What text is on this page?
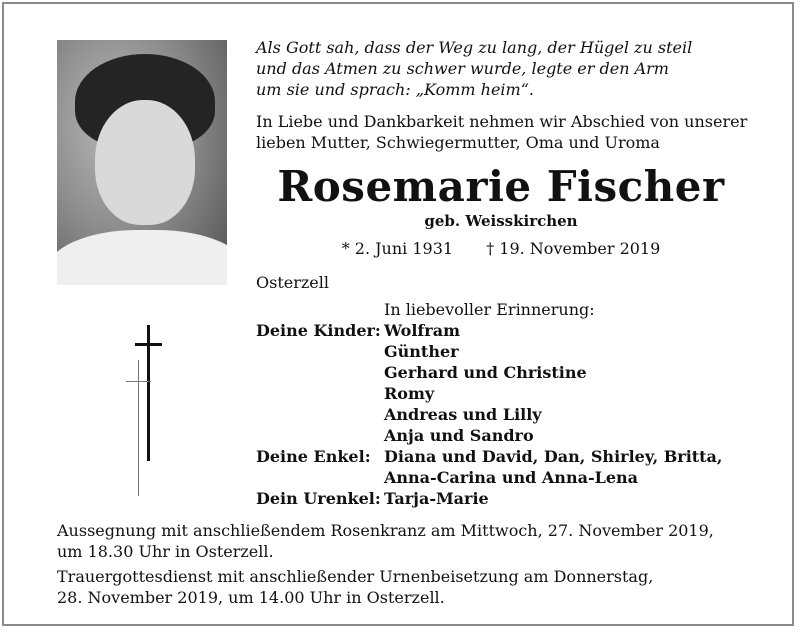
Als Gott sah, dass der Weg zu lang, der Hügel zu steil
und das Atmen zu schwer wurde, legte er den Arm
um sie und sprach: „Komm heim“.
In Liebe und Dankbarkeit nehmen wir Abschied von unserer
lieben Mutter, Schwiegermutter, Oma und Uroma
Rosemarie Fischer
geb. Weisskirchen
* 2. Juni 1931 † 19. November 2019
Osterzell
In liebevoller Erinnerung:
Deine Kinder: Wolfram
Günther
Gerhard und Christine
Romy
Andreas und Lilly
Anja und Sandro
Deine Enkel: Diana und David, Dan, Shirley, Britta,
Anna-Carina und Anna-Lena
Dein Urenkel: Tarja-Marie
Aussegnung mit anschließendem Rosenkranz am Mittwoch, 27. November 2019,
um 18.30 Uhr in Osterzell.
Trauergottesdienst mit anschließender Urnenbeisetzung am Donnerstag,
28. November 2019, um 14.00 Uhr in Osterzell.
